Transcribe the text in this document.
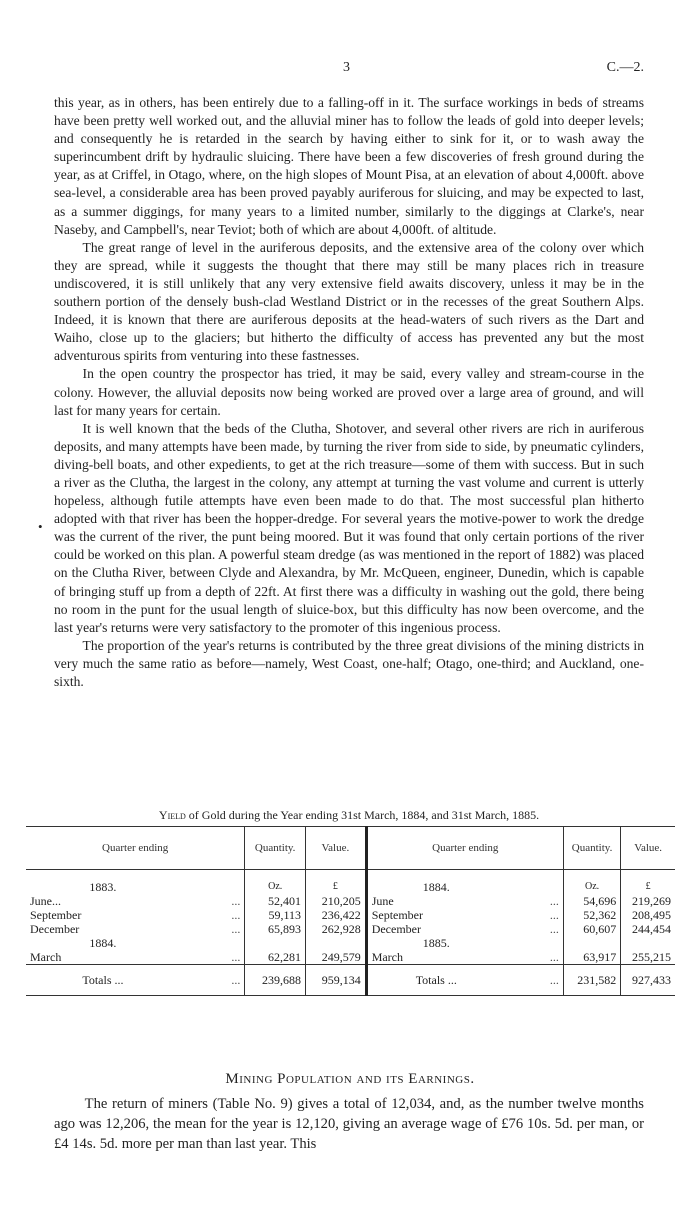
3	C.—2.
•

this year, as in others, has been entirely due to a falling-off in it. The surface workings in beds of streams have been pretty well worked out, and the alluvial miner has to follow the leads of gold into deeper levels; and consequently he is retarded in the search by having either to sink for it, or to wash away the superincumbent drift by hydraulic sluicing. There have been a few discoveries of fresh ground during the year, as at Criffel, in Otago, where, on the high slopes of Mount Pisa, at an elevation of about 4,000ft. above sea-level, a considerable area has been proved payably auriferous for sluicing, and may be expected to last, as a summer diggings, for many years to a limited number, similarly to the diggings at Clarke's, near Naseby, and Campbell's, near Teviot; both of which are about 4,000ft. of altitude.

The great range of level in the auriferous deposits, and the extensive area of the colony over which they are spread, while it suggests the thought that there may still be many places rich in treasure undiscovered, it is still unlikely that any very extensive field awaits discovery, unless it may be in the southern portion of the densely bush-clad Westland District or in the recesses of the great Southern Alps. Indeed, it is known that there are auriferous deposits at the head-waters of such rivers as the Dart and Waiho, close up to the glaciers; but hitherto the difficulty of access has prevented any but the most adventurous spirits from venturing into these fastnesses.

In the open country the prospector has tried, it may be said, every valley and stream-course in the colony. However, the alluvial deposits now being worked are proved over a large area of ground, and will last for many years for certain.

It is well known that the beds of the Clutha, Shotover, and several other rivers are rich in auriferous deposits, and many attempts have been made, by turning the river from side to side, by pneumatic cylinders, diving-bell boats, and other expedients, to get at the rich treasure—some of them with success. But in such a river as the Clutha, the largest in the colony, any attempt at turning the vast volume and current is utterly hopeless, although futile attempts have even been made to do that. The most successful plan hitherto adopted with that river has been the hopper-dredge. For several years the motive-power to work the dredge was the current of the river, the punt being moored. But it was found that only certain portions of the river could be worked on this plan. A powerful steam dredge (as was mentioned in the report of 1882) was placed on the Clutha River, between Clyde and Alexandra, by Mr. McQueen, engineer, Dunedin, which is capable of bringing stuff up from a depth of 22ft. At first there was a difficulty in washing out the gold, there being no room in the punt for the usual length of sluice-box, but this difficulty has now been overcome, and the last year's returns were very satisfactory to the promoter of this ingenious process.

The proportion of the year's returns is contributed by the three great divisions of the mining districts in very much the same ratio as before—namely, West Coast, one-half; Otago, one-third; and Auckland, one-sixth.

Yield of Gold during the Year ending 31st March, 1884, and 31st March, 1885.
Quarter ending		Quantity.	Value.	Quarter ending		Quantity.	Value.
1883.		Oz.	£	1884.		Oz.	£
June...	...	52,401	210,205	June	...	54,696	219,269
September	...	59,113	236,422	September	...	52,362	208,495
December	...	65,893	262,928	December	...	60,607	244,454
1884.				1885.			
March	...	62,281	249,579	March	...	63,917	255,215
Totals ...	...	239,688	959,134	Totals ...	...	231,582	927,433
Mining Population and its Earnings.

The return of miners (Table No. 9) gives a total of 12,034, and, as the number twelve months ago was 12,206, the mean for the year is 12,120, giving an average wage of £76 10s. 5d. per man, or £4 14s. 5d. more per man than last year. This
